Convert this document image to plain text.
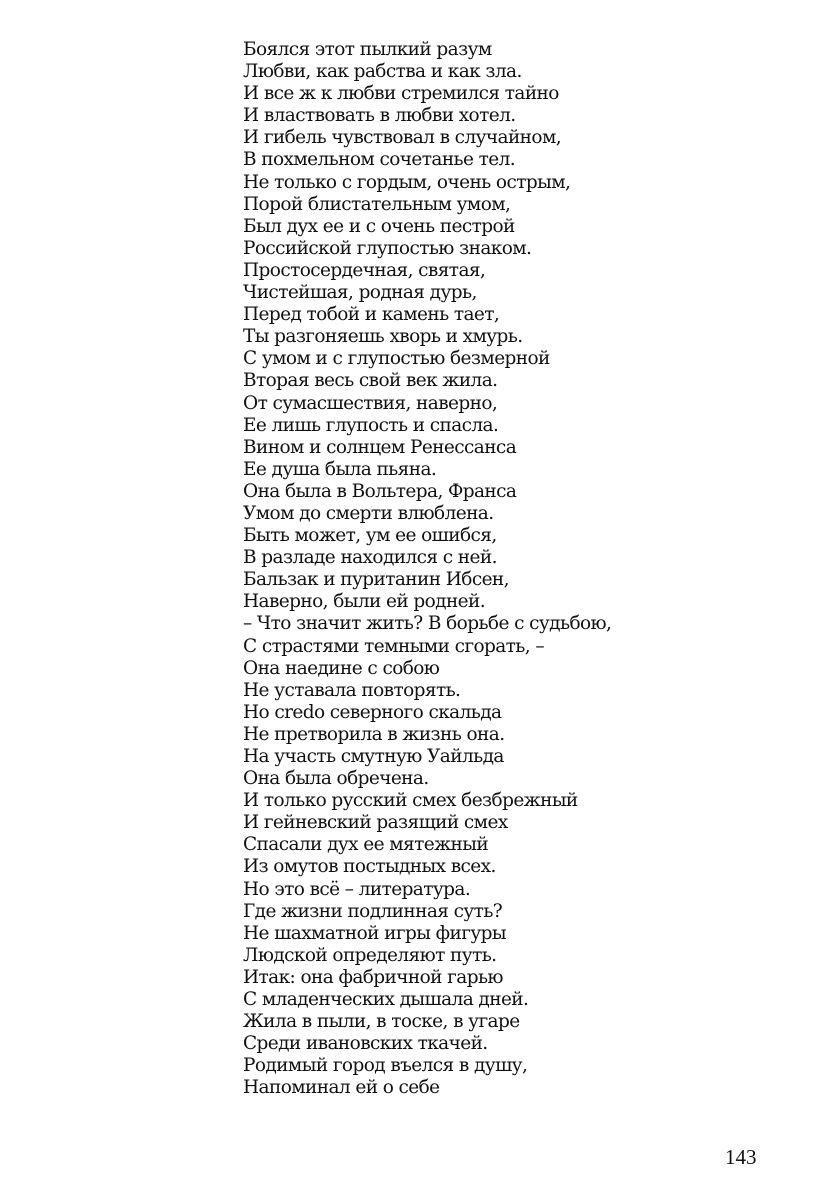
Боялся этот пылкий разум
Любви, как рабства и как зла.
И все ж к любви стремился тайно
И властвовать в любви хотел.
И гибель чувствовал в случайном,
В похмельном сочетанье тел.
Не только с гордым, очень острым,
Порой блистательным умом,
Был дух ее и с очень пестрой
Российской глупостью знаком.
Простосердечная, святая,
Чистейшая, родная дурь,
Перед тобой и камень тает,
Ты разгоняешь хворь и хмурь.
С умом и с глупостью безмерной
Вторая весь свой век жила.
От сумасшествия, наверно,
Ее лишь глупость и спасла.
Вином и солнцем Ренессанса
Ее душа была пьяна.
Она была в Вольтера, Франса
Умом до смерти влюблена.
Быть может, ум ее ошибся,
В разладе находился с ней.
Бальзак и пуританин Ибсен,
Наверно, были ей родней.
– Что значит жить? В борьбе с судьбою,
С страстями темными сгорать, –
Она наедине с собою
Не уставала повторять.
Но credo северного скальда
Не претворила в жизнь она.
На участь смутную Уайльда
Она была обречена.
И только русский смех безбрежный
И гейневский разящий смех
Спасали дух ее мятежный
Из омутов постыдных всех.
Но это всё – литература.
Где жизни подлинная суть?
Не шахматной игры фигуры
Людской определяют путь.
Итак: она фабричной гарью
С младенческих дышала дней.
Жила в пыли, в тоске, в угаре
Среди ивановских ткачей.
Родимый город въелся в душу,
Напоминал ей о себе
143
